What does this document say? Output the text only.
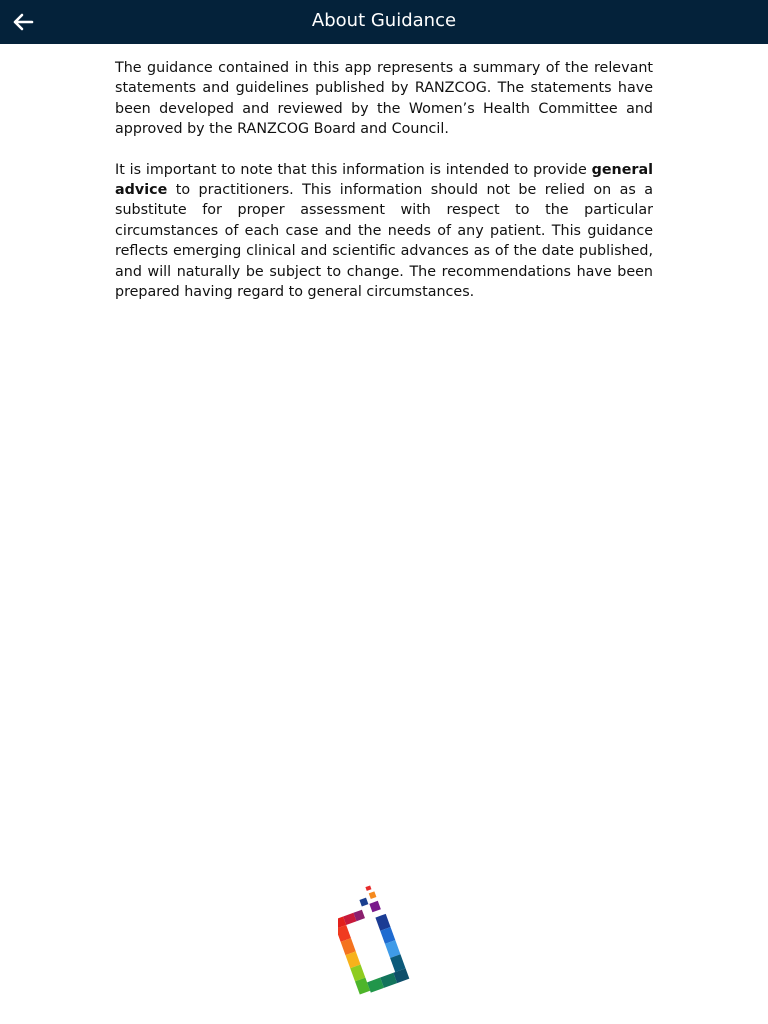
About Guidance

The guidance contained in this app represents a summary of the relevant statements and guidelines published by RANZCOG. The statements have been developed and reviewed by the Women’s Health Committee and approved by the RANZCOG Board and Council.

It is important to note that this information is intended to provide general advice to practitioners. This information should not be relied on as a substitute for proper assessment with respect to the particular circumstances of each case and the needs of any patient. This guidance reflects emerging clinical and scientific advances as of the date published, and will naturally be subject to change. The recommendations have been prepared having regard to general circumstances.
